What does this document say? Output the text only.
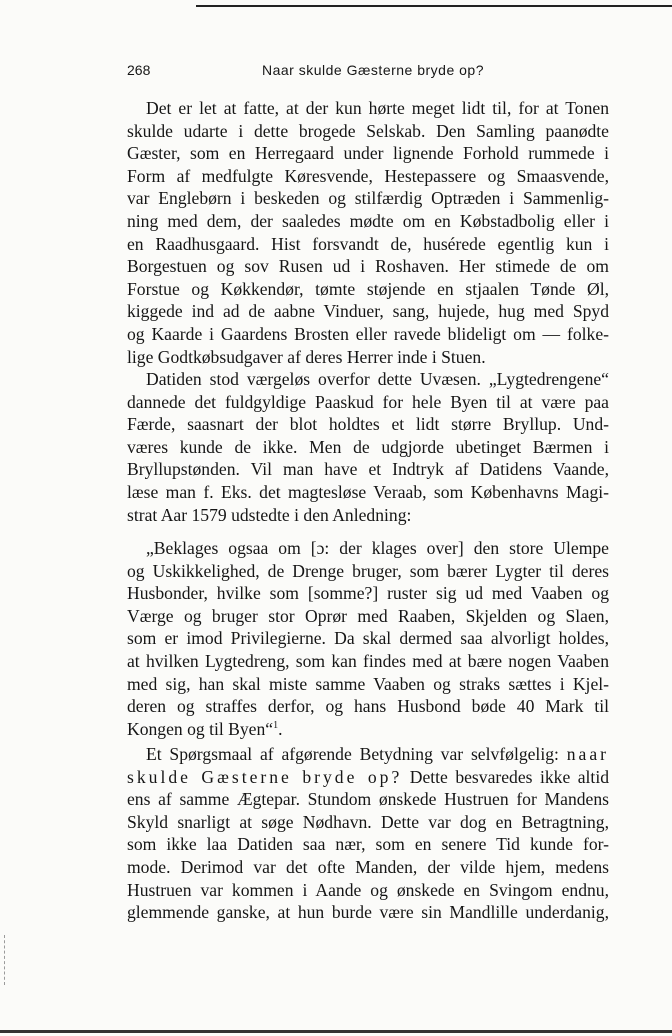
268	Naar skulde Gæsterne bryde op?
Det er let at fatte, at der kun hørte meget lidt til, for at Tonen
skulde udarte i dette brogede Selskab. Den Samling paanødte
Gæster, som en Herregaard under lignende Forhold rummede i
Form af medfulgte Køresvende, Hestepassere og Smaasvende,
var Englebørn i beskeden og stilfærdig Optræden i Sammenlig-
ning med dem, der saaledes mødte om en Købstadbolig eller i
en Raadhusgaard. Hist forsvandt de, husérede egentlig kun i
Borgestuen og sov Rusen ud i Roshaven. Her stimede de om
Forstue og Køkkendør, tømte støjende en stjaalen Tønde Øl,
kiggede ind ad de aabne Vinduer, sang, hujede, hug med Spyd
og Kaarde i Gaardens Brosten eller ravede blideligt om — folke-
lige Godtkøbsudgaver af deres Herrer inde i Stuen.
Datiden stod værgeløs overfor dette Uvæsen. „Lygtedrengene“
dannede det fuldgyldige Paaskud for hele Byen til at være paa
Færde, saasnart der blot holdtes et lidt større Bryllup. Und-
væres kunde de ikke. Men de udgjorde ubetinget Bærmen i
Bryllupstønden. Vil man have et Indtryk af Datidens Vaande,
læse man f. Eks. det magtesløse Veraab, som Københavns Magi-
strat Aar 1579 udstedte i den Anledning:
„Beklages ogsaa om [ɔ: der klages over] den store Ulempe
og Uskikkelighed, de Drenge bruger, som bærer Lygter til deres
Husbonder, hvilke som [somme?] ruster sig ud med Vaaben og
Værge og bruger stor Oprør med Raaben, Skjelden og Slaen,
som er imod Privilegierne. Da skal dermed saa alvorligt holdes,
at hvilken Lygtedreng, som kan findes med at bære nogen Vaaben
med sig, han skal miste samme Vaaben og straks sættes i Kjel-
deren og straffes derfor, og hans Husbond bøde 40 Mark til
Kongen og til Byen“$^1$.
Et Spørgsmaal af afgørende Betydning var selvfølgelig: naar
skulde Gæsterne bryde op? Dette besvaredes ikke altid
ens af samme Ægtepar. Stundom ønskede Hustruen for Mandens
Skyld snarligt at søge Nødhavn. Dette var dog en Betragtning,
som ikke laa Datiden saa nær, som en senere Tid kunde for-
mode. Derimod var det ofte Manden, der vilde hjem, medens
Hustruen var kommen i Aande og ønskede en Svingom endnu,
glemmende ganske, at hun burde være sin Mandlille underdanig,
